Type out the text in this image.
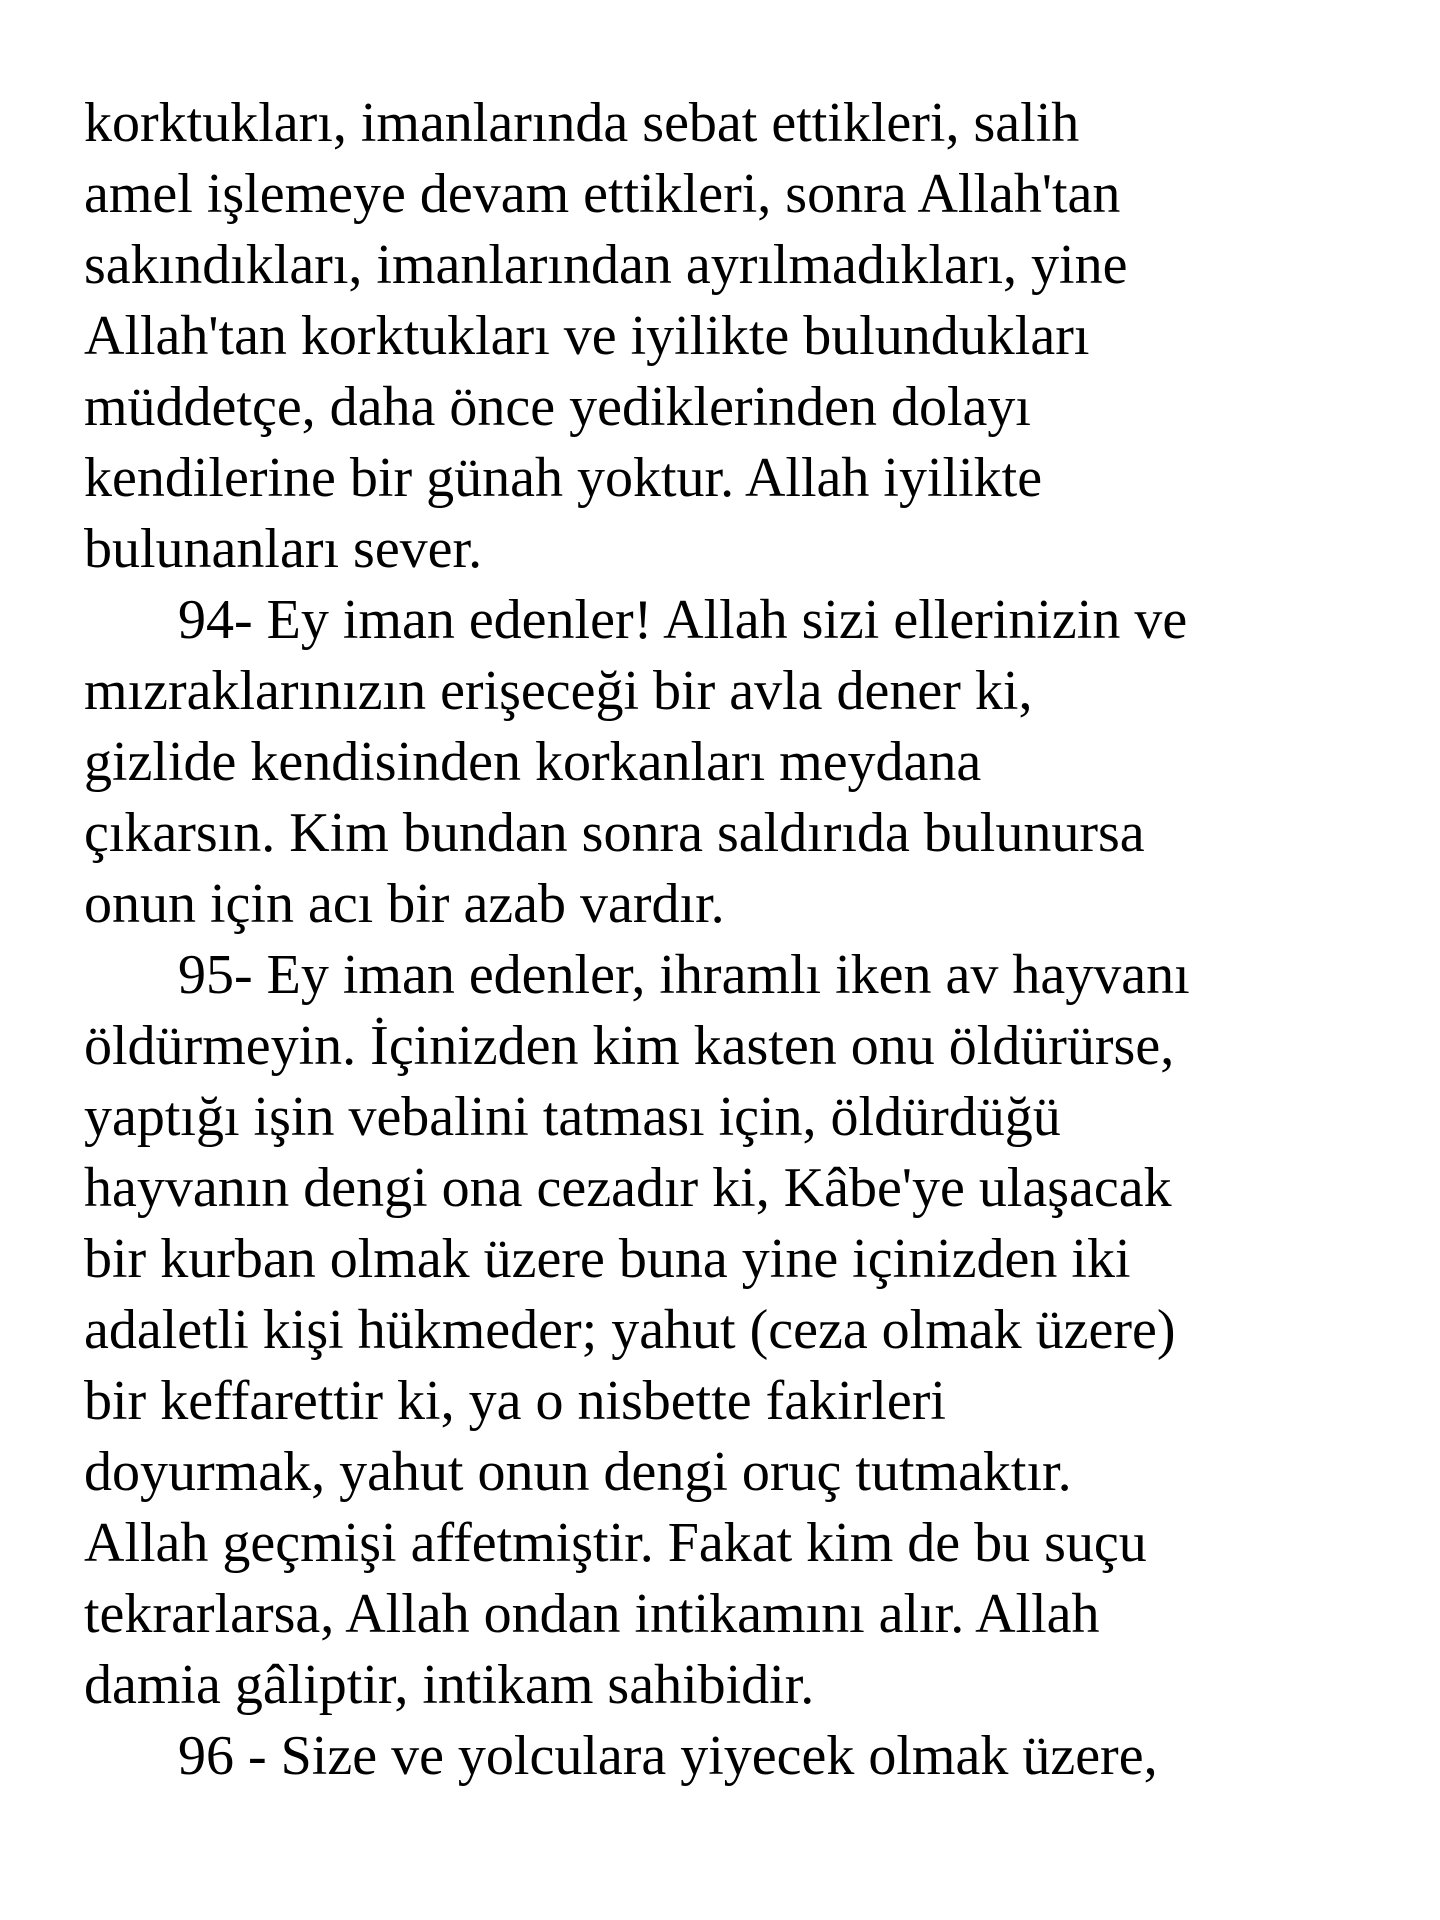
korktukları, imanlarında sebat ettikleri, salih
amel işlemeye devam ettikleri, sonra Allah'tan
sakındıkları, imanlarından ayrılmadıkları, yine
Allah'tan korktukları ve iyilikte bulundukları
müddetçe, daha önce yediklerinden dolayı
kendilerine bir günah yoktur. Allah iyilikte
bulunanları sever.
94- Ey iman edenler! Allah sizi ellerinizin ve
mızraklarınızın erişeceği bir avla dener ki,
gizlide kendisinden korkanları meydana
çıkarsın. Kim bundan sonra saldırıda bulunursa
onun için acı bir azab vardır.
95- Ey iman edenler, ihramlı iken av hayvanı
öldürmeyin. İçinizden kim kasten onu öldürürse,
yaptığı işin vebalini tatması için, öldürdüğü
hayvanın dengi ona cezadır ki, Kâbe'ye ulaşacak
bir kurban olmak üzere buna yine içinizden iki
adaletli kişi hükmeder; yahut (ceza olmak üzere)
bir keffarettir ki, ya o nisbette fakirleri
doyurmak, yahut onun dengi oruç tutmaktır.
Allah geçmişi affetmiştir. Fakat kim de bu suçu
tekrarlarsa, Allah ondan intikamını alır. Allah
damia gâliptir, intikam sahibidir.
96 - Size ve yolculara yiyecek olmak üzere,
